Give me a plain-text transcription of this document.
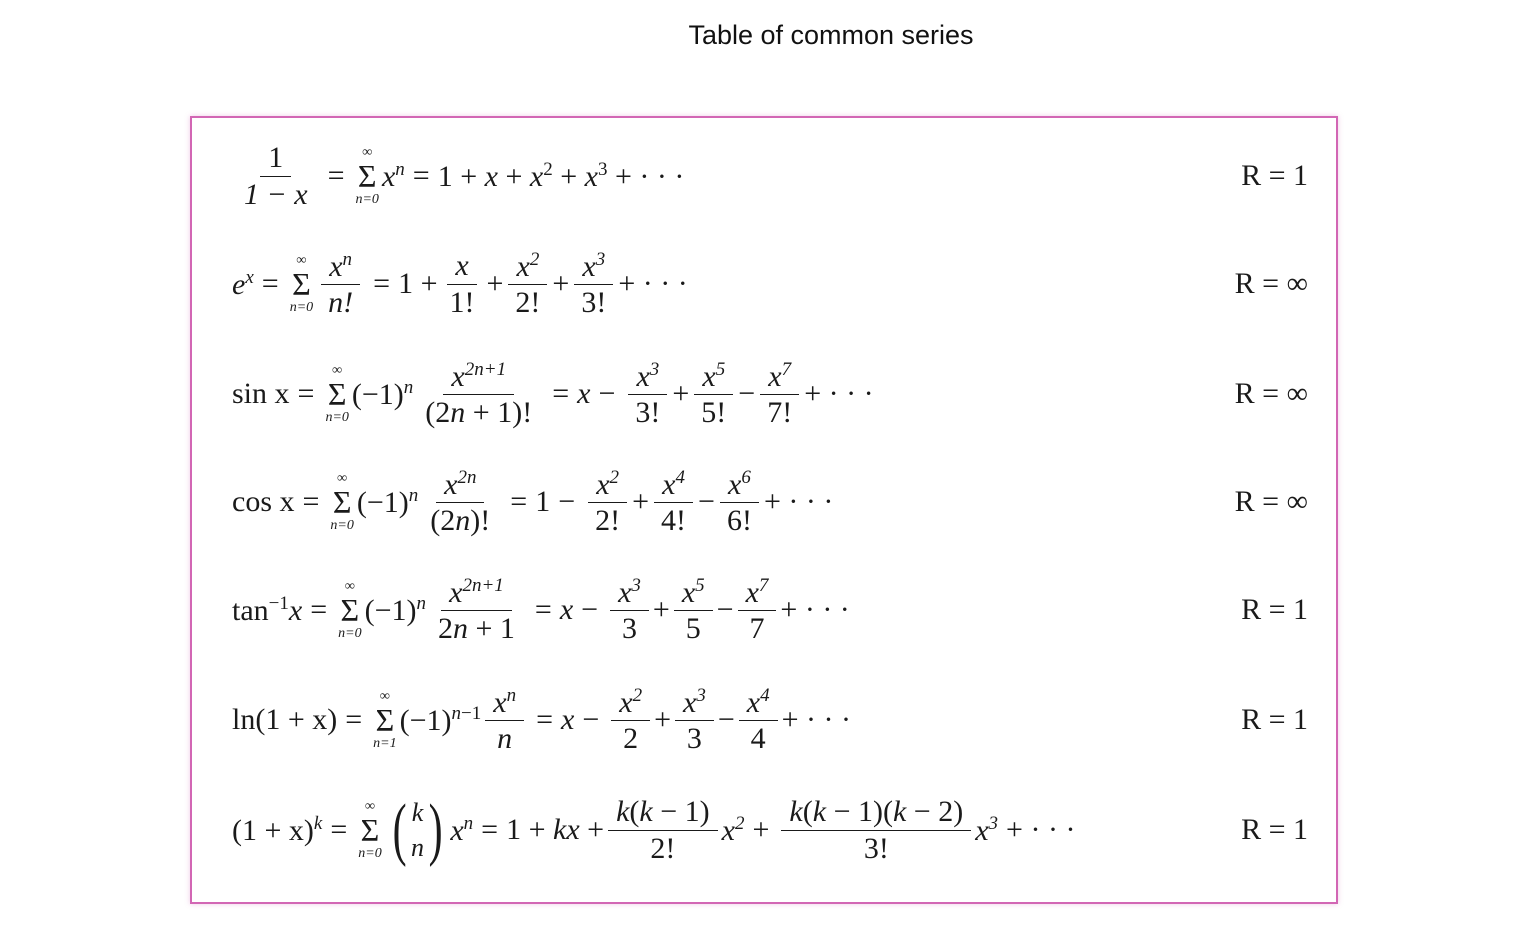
Table of common series
$\frac{1}{1 - x}$ =
∞
Σ
n=0
$x^n = 1 + x + x^2 + x^3$ + · · ·	R = 1
$e^x$ =
∞
Σ
$n=0 \frac{x^n}{n!} = 1 + \frac{x}{1!} + \frac{x^2}{2!} + \frac{x^3}{3!}$ + · · ·	R = ∞
sin x =
∞
Σ
n=0
$(-1)^n \frac{x^{2n+1}}{(2n + 1)!} = x - \frac{x^3}{3!} + \frac{x^5}{5!} - \frac{x^7}{7!}$ + · · ·	R = ∞
cos x =
∞
Σ
n=0
$(-1)^n \frac{x^{2n}}{(2n)!} = 1 - \frac{x^2}{2!} + \frac{x^4}{4!} - \frac{x^6}{6!}$ + · · ·	R = ∞
$\tan^{-1}x$ =
∞
Σ
n=0
$(-1)^n \frac{x^{2n+1}}{2n + 1} = x - \frac{x^3}{3} + \frac{x^5}{5} - \frac{x^7}{7}$ + · · ·	R = 1
ln(1 + x) =
∞
Σ
n=1
$(-1)^{n-1} \frac{x^n}{n} = x - \frac{x^2}{2} + \frac{x^3}{3} - \frac{x^4}{4}$ + · · ·	R = 1
$(1 + x)^k$ =
∞
Σ
n=0 ( k
n ) $x^n = 1$ + kx + $\frac{k(k - 1)}{2!} x^2 + \frac{k(k - 1)(k - 2)}{3!} x^3$ + · · ·	R = 1
